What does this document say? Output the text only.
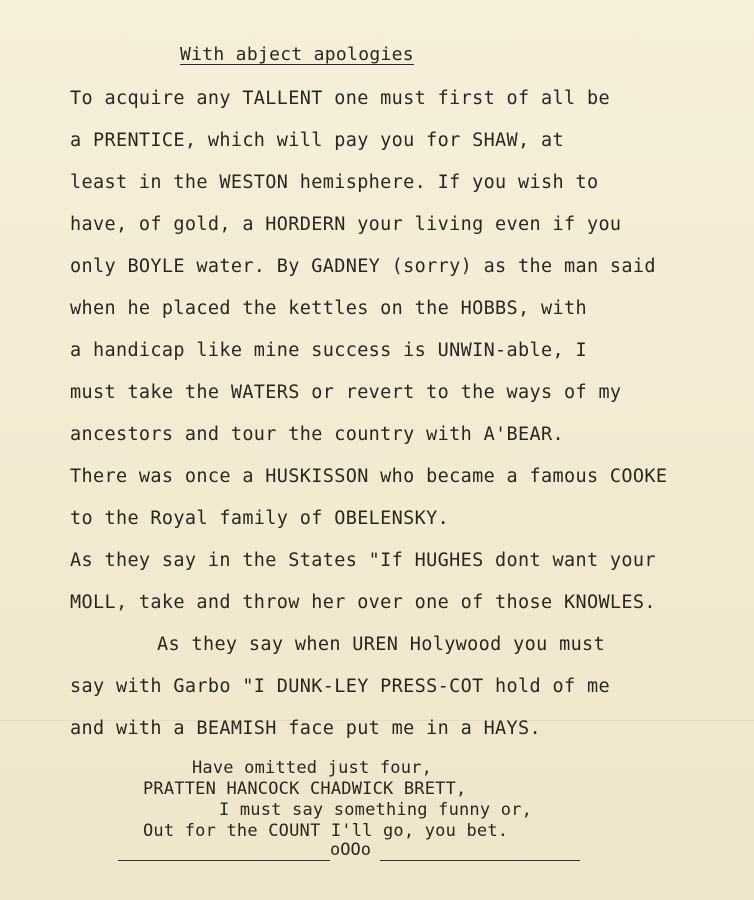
With abject apologies
To acquire any TALLENT one must first of all be
a PRENTICE, which will pay you for SHAW, at
least in the WESTON hemisphere. If you wish to
have, of gold, a HORDERN your living even if you
only BOYLE water. By GADNEY (sorry) as the man said
when he placed the kettles on the HOBBS, with
a handicap like mine success is UNWIN-able, I
must take the WATERS or revert to the ways of my
ancestors and tour the country with A'BEAR.
There was once a HUSKISSON who became a famous COOKE
to the Royal family of OBELENSKY.
As they say in the States "If HUGHES dont want your
MOLL, take and throw her over one of those KNOWLES.
As they say when UREN Holywood you must
say with Garbo "I DUNK-LEY PRESS-COT hold of me
and with a BEAMISH face put me in a HAYS.
Have omitted just four,
PRATTEN HANCOCK CHADWICK BRETT,
I must say something funny or,
Out for the COUNT I'll go, you bet.
oOOo
